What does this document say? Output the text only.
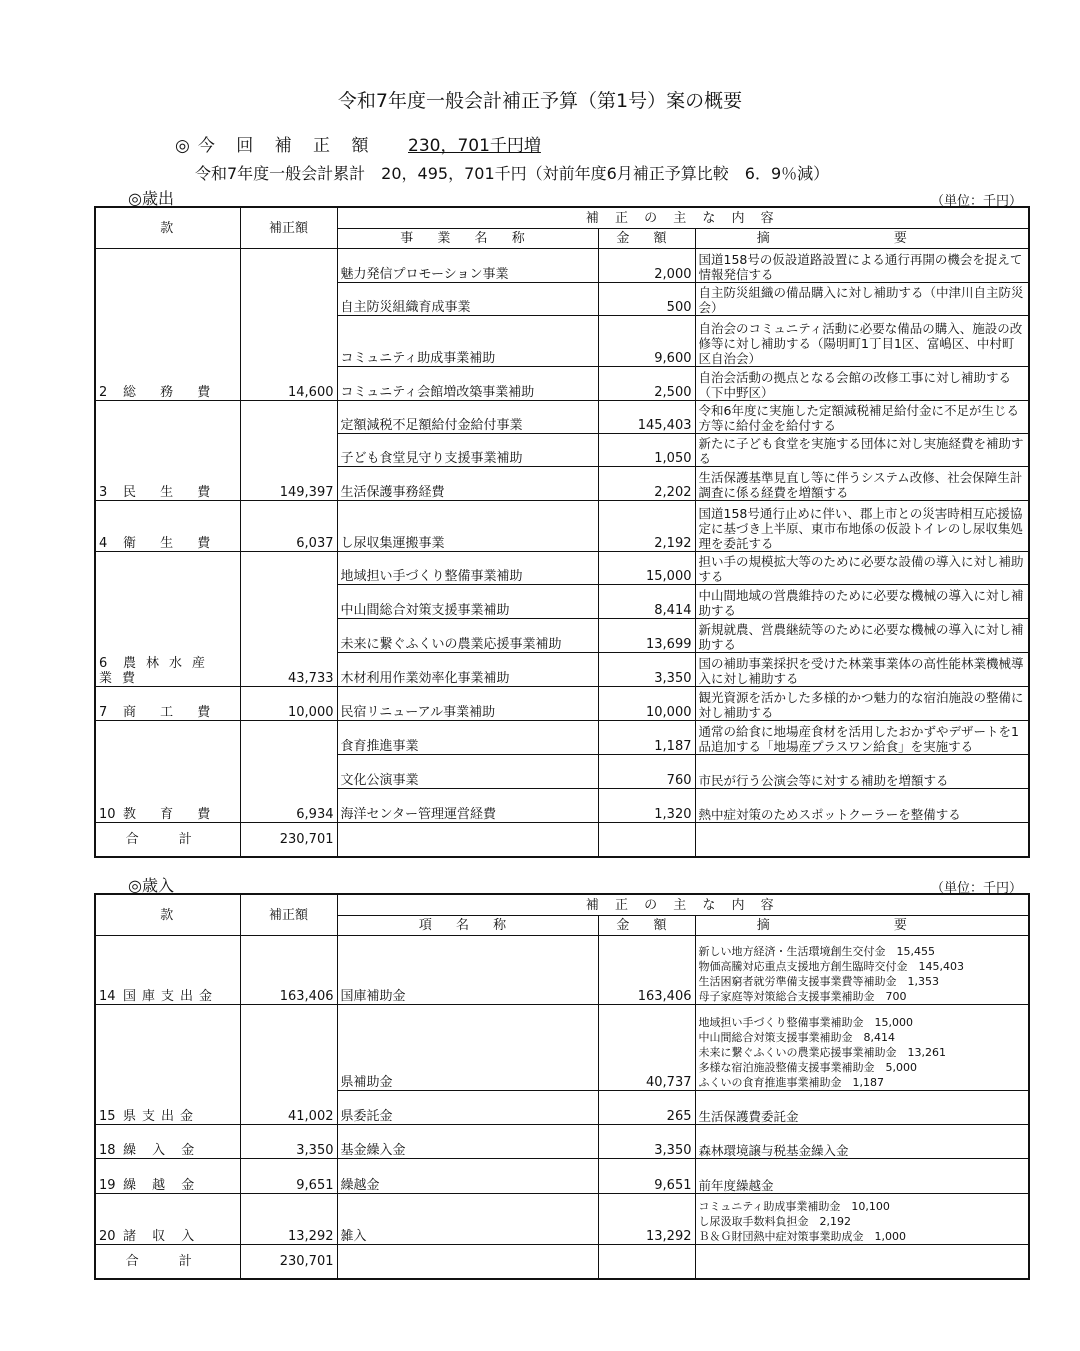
令和7年度一般会計補正予算（第1号）案の概要
◎今 回 補 正 額 230，701千円増
令和7年度一般会計累計　20，495，701千円（対前年度6月補正予算比較　6．9％減）
◎歳出	（単位：千円）
款	補正額	補 正 の 主 な 内 容		
		事 業 名 称	金 額	摘 要
2 総 務 費	14,600	魅力発信プロモーション事業	2,000	国道158号の仮設道路設置による通行再開の機会を捉えて情報発信する
		自主防災組織育成事業	500	自主防災組織の備品購入に対し補助する（中津川自主防災会）
		コミュニティ助成事業補助	9,600	自治会のコミュニティ活動に必要な備品の購入、施設の改修等に対し補助する（陽明町1丁目1区、富嶋区、中村町区自治会）
		コミュニティ会館増改築事業補助	2,500	自治会活動の拠点となる会館の改修工事に対し補助する（下中野区）
3 民 生 費	149,397	定額減税不足額給付金給付事業	145,403	令和6年度に実施した定額減税補足給付金に不足が生じる方等に給付金を給付する
		子ども食堂見守り支援事業補助	1,050	新たに子ども食堂を実施する団体に対し実施経費を補助する
		生活保護事務経費	2,202	生活保護基準見直し等に伴うシステム改修、社会保障生計調査に係る経費を増額する
4 衛 生 費	6,037	し尿収集運搬事業	2,192	国道158号通行止めに伴い、郡上市との災害時相互応援協定に基づき上半原、東市布地係の仮設トイレのし尿収集処理を委託する
6 農林水産業費	43,733	地域担い手づくり整備事業補助	15,000	担い手の規模拡大等のために必要な設備の導入に対し補助する
		中山間総合対策支援事業補助	8,414	中山間地域の営農維持のために必要な機械の導入に対し補助する
		未来に繋ぐふくいの農業応援事業補助	13,699	新規就農、営農継続等のために必要な機械の導入に対し補助する
		木材利用作業効率化事業補助	3,350	国の補助事業採択を受けた林業事業体の高性能林業機械導入に対し補助する
7 商 工 費	10,000	民宿リニューアル事業補助	10,000	観光資源を活かした多様的かつ魅力的な宿泊施設の整備に対し補助する
10 教 育 費	6,934	食育推進事業	1,187	通常の給食に地場産食材を活用したおかずやデザートを1品追加する「地場産プラスワン給食」を実施する
		文化公演事業	760	市民が行う公演会等に対する補助を増額する
		海洋センター管理運営経費	1,320	熱中症対策のためスポットクーラーを整備する
合 計	230,701			
◎歳入	（単位：千円）
款	補正額	補 正 の 主 な 内 容		
		項 名 称	金 額	摘 要
14 国庫支出金	163,406	国庫補助金	163,406	新しい地方経済・生活環境創生交付金　15,455
物価高騰対応重点支援地方創生臨時交付金　145,403
生活困窮者就労準備支援事業費等補助金　1,353
母子家庭等対策総合支援事業補助金　700

15 県支出金	41,002	県補助金	40,737	地域担い手づくり整備事業補助金　15,000
中山間総合対策支援事業補助金　8,414
未来に繋ぐふくいの農業応援事業補助金　13,261
多様な宿泊施設整備支援事業補助金　5,000
ふくいの食育推進事業補助金　1,187

		県委託金	265	生活保護費委託金

18 繰 入 金	3,350	基金繰入金	3,350	森林環境譲与税基金繰入金

19 繰 越 金	9,651	繰越金	9,651	前年度繰越金

20 諸 収 入	13,292	雑入	13,292	コミュニティ助成事業補助金　10,100
し尿汲取手数料負担金　2,192
Ｂ＆Ｇ財団熱中症対策事業助成金　1,000

合 計	230,701			
